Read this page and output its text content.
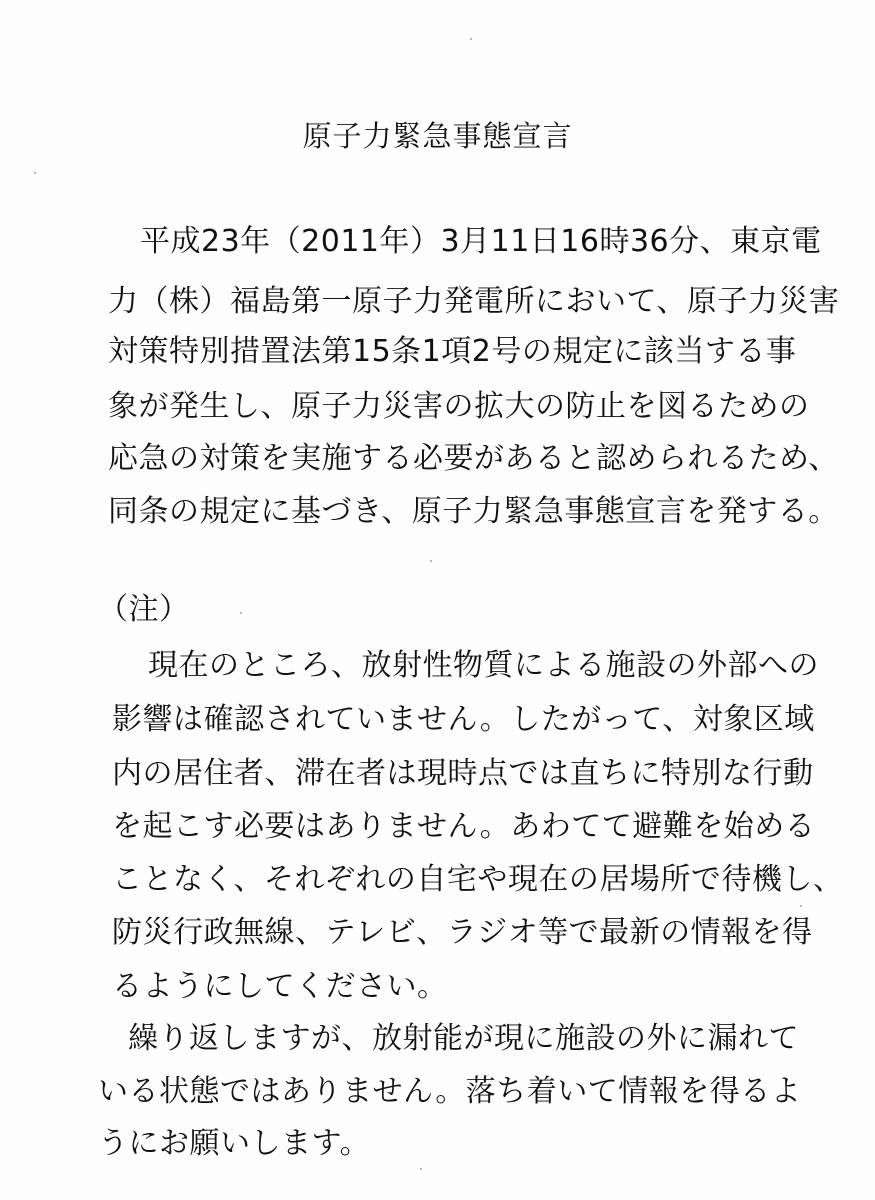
原子力緊急事態宣言

平成23年（2011年）3月11日16時36分、東京電

力（株）福島第一原子力発電所において、原子力災害

対策特別措置法第15条1項2号の規定に該当する事

象が発生し、原子力災害の拡大の防止を図るための

応急の対策を実施する必要があると認められるため、

同条の規定に基づき、原子力緊急事態宣言を発する。

（注）

現在のところ、放射性物質による施設の外部への

影響は確認されていません。したがって、対象区域

内の居住者、滞在者は現時点では直ちに特別な行動

を起こす必要はありません。あわてて避難を始める

ことなく、それぞれの自宅や現在の居場所で待機し、

防災行政無線、テレビ、ラジオ等で最新の情報を得

るようにしてください。

繰り返しますが、放射能が現に施設の外に漏れて

いる状態ではありません。落ち着いて情報を得るよ

うにお願いします。
